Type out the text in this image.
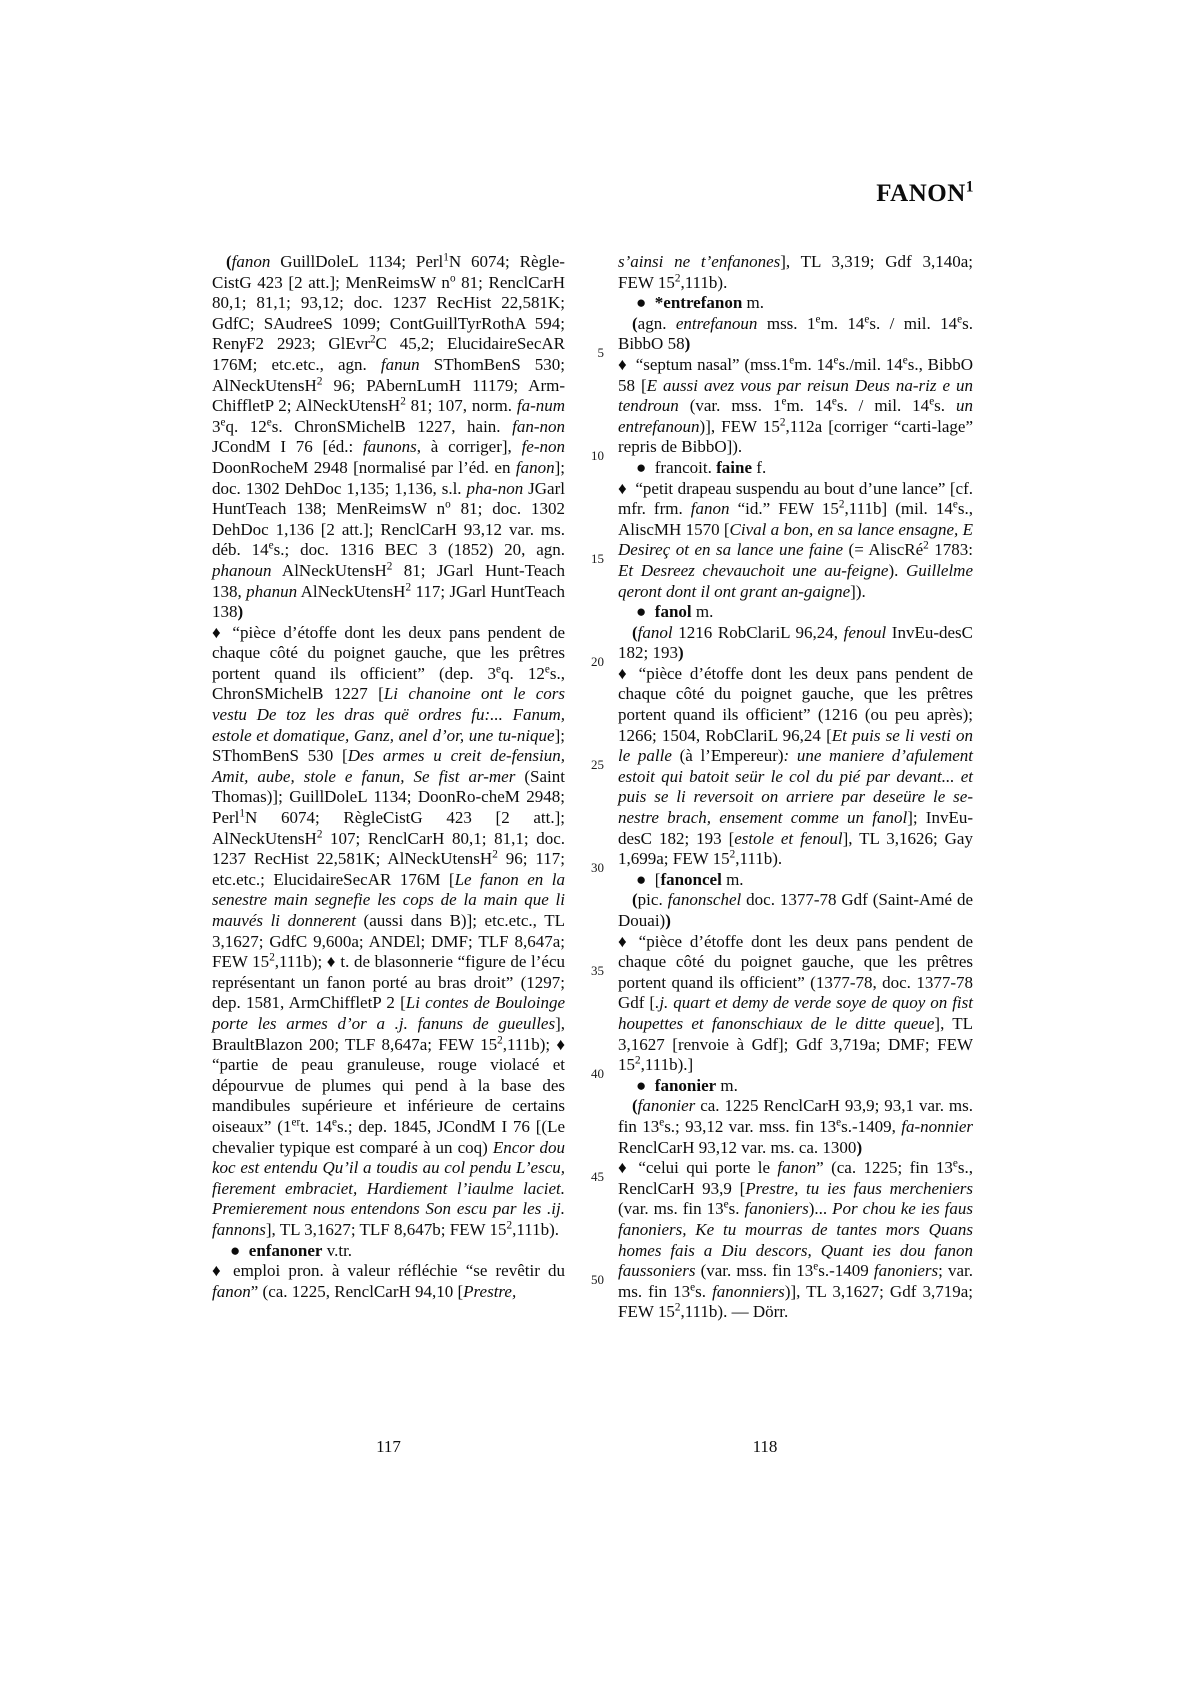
FANON$^1$

(fanon GuillDoleL 1134; Perl$^1$N 6074; Règle-CistG 423 [2 att.]; MenReimsW $n^o$ 81; RenclCarH 80,1; 81,1; 93,12; doc. 1237 RecHist 22,581K; GdfC; SAudreeS 1099; ContGuillTyrRothA 594; RenγF2 2923; GlEvr$^2$C 45,2; ElucidaireSecAR 176M; etc.etc., agn. fanun SThomBenS 530; AlNeckUtensH$^2$ 96; PAbernLumH 11179; Arm-ChiffletP 2; AlNeckUtensH$^2$ 81; 107, norm. fa-num 3eq. 12es. ChronSMichelB 1227, hain. fan-non JCondM I 76 [éd.: faunons, à corriger], fe-non DoonRocheM 2948 [normalisé par l’éd. en fanon]; doc. 1302 DehDoc 1,135; 1,136, s.l. pha-non JGarl HuntTeach 138; MenReimsW $n^o$ 81; doc. 1302 DehDoc 1,136 [2 att.]; RenclCarH 93,12 var. ms. déb. 14es.; doc. 1316 BEC 3 (1852) 20, agn. phanoun AlNeckUtensH$^2$ 81; JGarl Hunt-Teach 138, phanun AlNeckUtensH$^2$ 117; JGarl HuntTeach 138)

♦ “pièce d’étoffe dont les deux pans pendent de chaque côté du poignet gauche, que les prêtres portent quand ils officient” (dep. 3eq. 12es., ChronSMichelB 1227 [Li chanoine ont le cors vestu De toz les dras quë ordres fu:... Fanum, estole et domatique, Ganz, anel d’or, une tu-nique]; SThomBenS 530 [Des armes u creit de-fensiun, Amit, aube, stole e fanun, Se fist ar-mer (Saint Thomas)]; GuillDoleL 1134; DoonRo-cheM 2948; Perl$^1$N 6074; RègleCistG 423 [2 att.]; AlNeckUtensH$^2$ 107; RenclCarH 80,1; 81,1; doc. 1237 RecHist 22,581K; AlNeckUtensH$^2$ 96; 117; etc.etc.; ElucidaireSecAR 176M [Le fanon en la senestre main segnefie les cops de la main que li mauvés li donnerent (aussi dans B)]; etc.etc., TL 3,1627; GdfC 9,600a; ANDEl; DMF; TLF 8,647a; FEW $15^2,111b$); ♦ t. de blasonnerie “figure de l’écu représentant un fanon porté au bras droit” (1297; dep. 1581, ArmChiffletP 2 [Li contes de Bouloinge porte les armes d’or a .j. fanuns de gueulles], BraultBlazon 200; TLF 8,647a; FEW $15^2,111b$); ♦ “partie de peau granuleuse, rouge violacé et dépourvue de plumes qui pend à la base des mandibules supérieure et inférieure de certains oiseaux” (1ert. 14es.; dep. 1845, JCondM I 76 [(Le chevalier typique est comparé à un coq) Encor dou koc est entendu Qu’il a toudis au col pendu L’escu, fierement embraciet, Hardiement l’iaulme laciet. Premierement nous entendons Son escu par les .ij. fannons], TL 3,1627; TLF 8,647b; FEW $15^2,111b$).

● enfanoner v.tr.

♦ emploi pron. à valeur réfléchie “se revêtir du fanon” (ca. 1225, RenclCarH 94,10 [Prestre,

5
10
15
20
25
30
35
40
45
50

s’ainsi ne t’enfanones], TL 3,319; Gdf 3,140a; FEW $15^2,111b$).

● *entrefanon m.

(agn. entrefanoun mss. 1em. 14es. / mil. 14es. BibbO 58)

♦ “septum nasal” (mss.1em. 14es./mil. 14es., BibbO 58 [E aussi avez vous par reisun Deus na-riz e un tendroun (var. mss. 1em. 14es. / mil. 14es. un entrefanoun)], FEW $15^2,112a$ [corriger “carti-lage” repris de BibbO]).

● francoit. faine f.

♦ “petit drapeau suspendu au bout d’une lance” [cf. mfr. frm. fanon “id.” FEW $15^2,111b$] (mil. 14es., AliscMH 1570 [Cival a bon, en sa lance ensagne, E Desireç ot en sa lance une faine (= AliscRé$^2$ 1783: Et Desreez chevauchoit une au-feigne). Guillelme qeront dont il ont grant an-gaigne]).

● fanol m.

(fanol 1216 RobClariL 96,24, fenoul InvEu-desC 182; 193)

♦ “pièce d’étoffe dont les deux pans pendent de chaque côté du poignet gauche, que les prêtres portent quand ils officient” (1216 (ou peu après); 1266; 1504, RobClariL 96,24 [Et puis se li vesti on le palle (à l’Empereur): une maniere d’afulement estoit qui batoit seür le col du pié par devant... et puis se li reversoit on arriere par deseüre le se-nestre brach, ensement comme un fanol]; InvEu-desC 182; 193 [estole et fenoul], TL 3,1626; Gay 1,699a; FEW $15^2,111b$).

● [fanoncel m.

(pic. fanonschel doc. 1377-78 Gdf (Saint-Amé de Douai))

♦ “pièce d’étoffe dont les deux pans pendent de chaque côté du poignet gauche, que les prêtres portent quand ils officient” (1377-78, doc. 1377-78 Gdf [.j. quart et demy de verde soye de quoy on fist houpettes et fanonschiaux de le ditte queue], TL 3,1627 [renvoie à Gdf]; Gdf 3,719a; DMF; FEW $15^2,111b$).]

● fanonier m.

(fanonier ca. 1225 RenclCarH 93,9; 93,1 var. ms. fin 13es.; 93,12 var. mss. fin 13es.-1409, fa-nonnier RenclCarH 93,12 var. ms. ca. 1300)

♦ “celui qui porte le fanon” (ca. 1225; fin 13es., RenclCarH 93,9 [Prestre, tu ies faus mercheniers (var. ms. fin 13es. fanoniers)... Por chou ke ies faus fanoniers, Ke tu mourras de tantes mors Quans homes fais a Diu descors, Quant ies dou fanon faussoniers (var. mss. fin 13es.-1409 fanoniers; var. ms. fin 13es. fanonniers)], TL 3,1627; Gdf 3,719a; FEW $15^2,111b$). — Dörr.

117	118
